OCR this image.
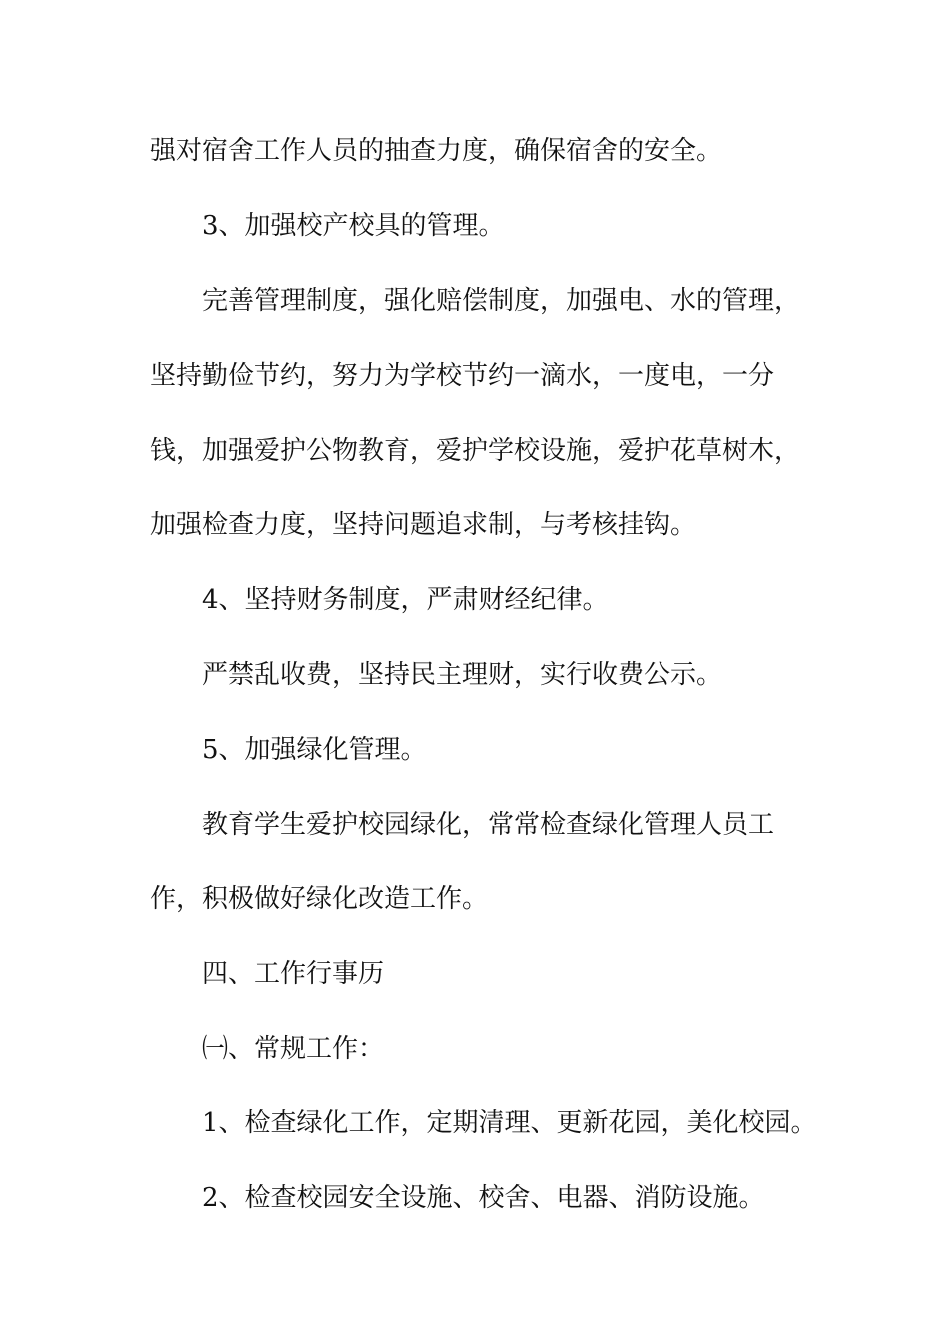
强对宿舍工作人员的抽查力度，确保宿舍的安全。
3、加强校产校具的管理。
完善管理制度，强化赔偿制度，加强电、水的管理，
坚持勤俭节约，努力为学校节约一滴水，一度电，一分
钱，加强爱护公物教育，爱护学校设施，爱护花草树木，
加强检查力度，坚持问题追求制，与考核挂钩。
4、坚持财务制度，严肃财经纪律。
严禁乱收费，坚持民主理财，实行收费公示。
5、加强绿化管理。
教育学生爱护校园绿化，常常检查绿化管理人员工
作，积极做好绿化改造工作。
四、工作行事历
㈠、常规工作：
1、检查绿化工作，定期清理、更新花园，美化校园。
2、检查校园安全设施、校舍、电器、消防设施。
